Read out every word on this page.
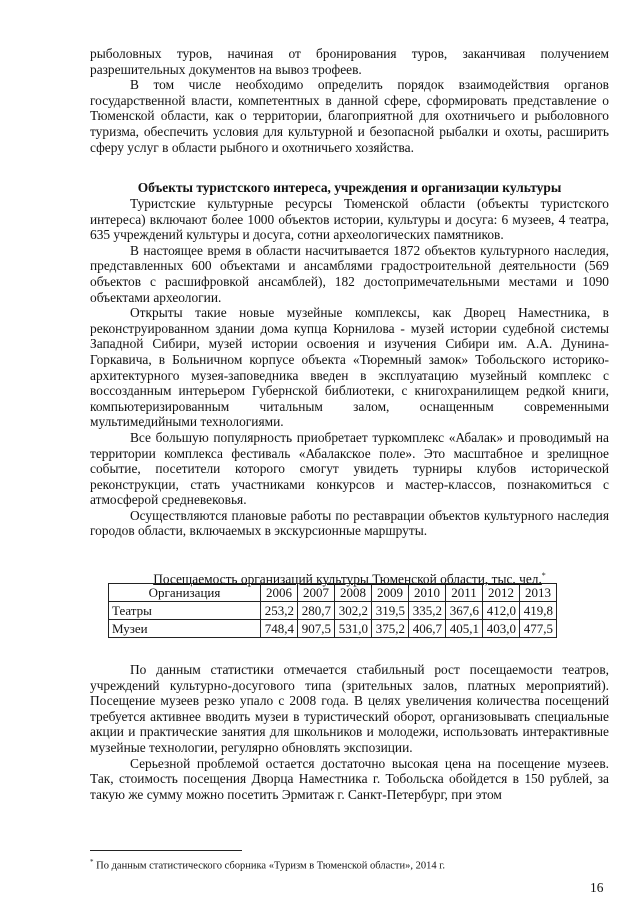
рыболовных туров, начиная от бронирования туров, заканчивая получением разрешительных документов на вывоз трофеев.

В том числе необходимо определить порядок взаимодействия органов государственной власти, компетентных в данной сфере, сформировать представление о Тюменской области, как о территории, благоприятной для охотничьего и рыболовного туризма, обеспечить условия для культурной и безопасной рыбалки и охоты, расширить сферу услуг в области рыбного и охотничьего хозяйства.

Объекты туристского интереса, учреждения и организации культуры

Туристские культурные ресурсы Тюменской области (объекты туристского интереса) включают более 1000 объектов истории, культуры и досуга: 6 музеев, 4 театра, 635 учреждений культуры и досуга, сотни археологических памятников.

В настоящее время в области насчитывается 1872 объектов культурного наследия, представленных 600 объектами и ансамблями градостроительной деятельности (569 объектов с расшифровкой ансамблей), 182 достопримечательными местами и 1090 объектами археологии.

Открыты такие новые музейные комплексы, как Дворец Наместника, в реконструированном здании дома купца Корнилова - музей истории судебной системы Западной Сибири, музей истории освоения и изучения Сибири им. А.А. Дунина-Горкавича, в Больничном корпусе объекта «Тюремный замок» Тобольского историко-архитектурного музея-заповедника введен в эксплуатацию музейный комплекс с воссозданным интерьером Губернской библиотеки, с книгохранилищем редкой книги, компьютеризированным читальным залом, оснащенным современными мультимедийными технологиями.

Все большую популярность приобретает туркомплекс «Абалак» и проводимый на территории комплекса фестиваль «Абалакское поле». Это масштабное и зрелищное событие, посетители которого смогут увидеть турниры клубов исторической реконструкции, стать участниками конкурсов и мастер-классов, познакомиться с атмосферой средневековья.

Осуществляются плановые работы по реставрации объектов культурного наследия городов области, включаемых в экскурсионные маршруты.

Посещаемость организаций культуры Тюменской области, тыс. чел.*
Организация	2006	2007	2008	2009	2010	2011	2012	2013
Театры	253,2	280,7	302,2	319,5	335,2	367,6	412,0	419,8
Музеи	748,4	907,5	531,0	375,2	406,7	405,1	403,0	477,5

По данным статистики отмечается стабильный рост посещаемости театров, учреждений культурно-досугового типа (зрительных залов, платных мероприятий). Посещение музеев резко упало с 2008 года. В целях увеличения количества посещений требуется активнее вводить музеи в туристический оборот, организовывать специальные акции и практические занятия для школьников и молодежи, использовать интерактивные музейные технологии, регулярно обновлять экспозиции.

Серьезной проблемой остается достаточно высокая цена на посещение музеев. Так, стоимость посещения Дворца Наместника г. Тобольска обойдется в 150 рублей, за такую же сумму можно посетить Эрмитаж г. Санкт-Петербург, при этом

* По данным статистического сборника «Туризм в Тюменской области», 2014 г.
16
